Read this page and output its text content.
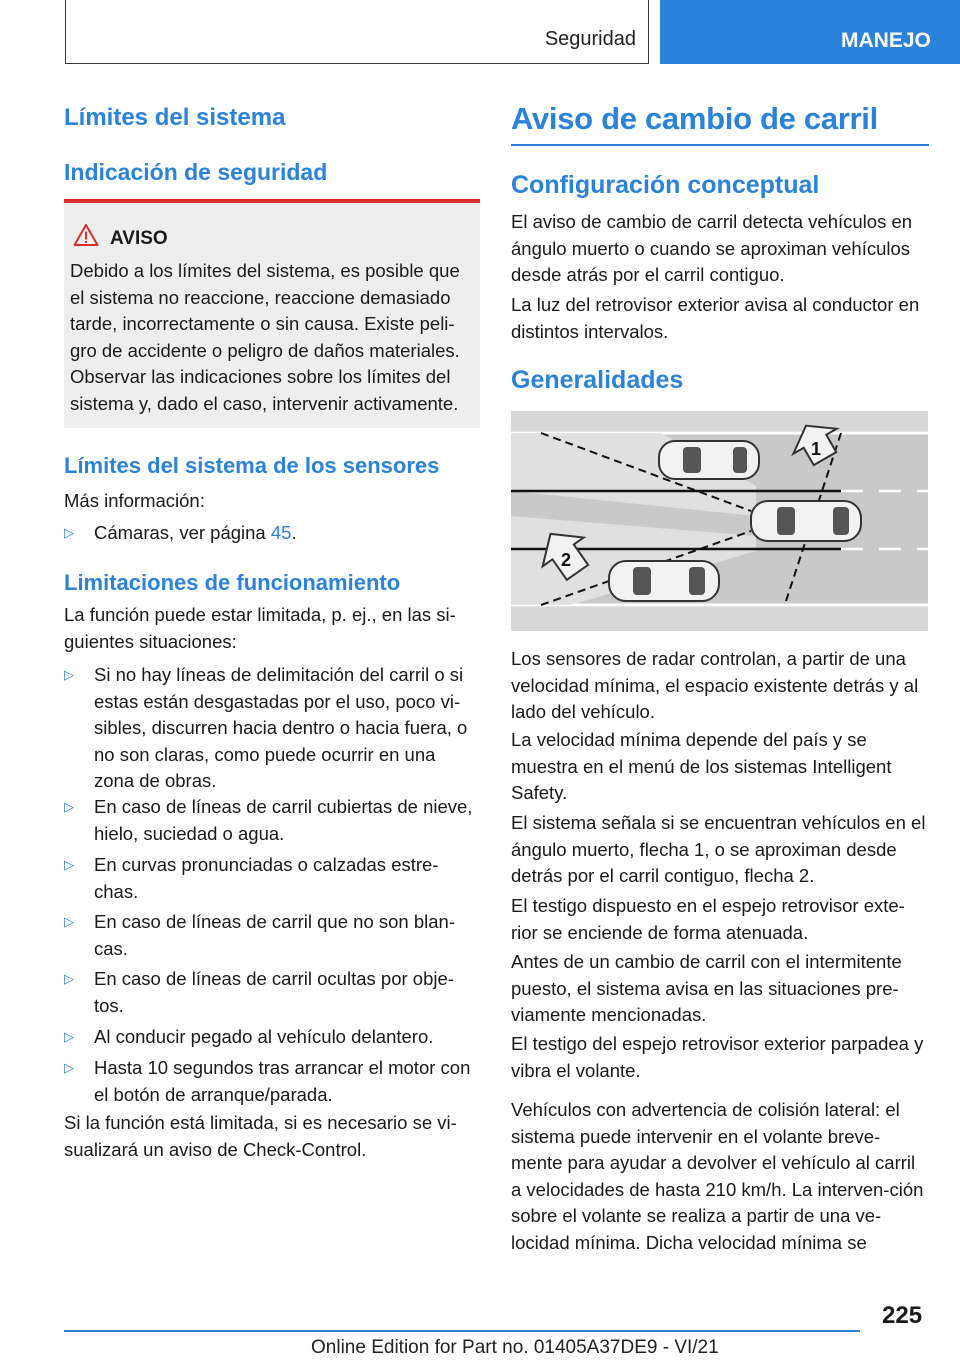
Seguridad	MANEJO
Límites del sistema
Indicación de seguridad
AVISO
Debido a los límites del sistema, es posible que el sistema no reaccione, reaccione demasiado tarde, incorrectamente o sin causa. Existe peli-gro de accidente o peligro de daños materiales. Observar las indicaciones sobre los límites del sistema y, dado el caso, intervenir activamente.
Límites del sistema de los sensores
Más información:
▷ Cámaras, ver página 45.
Limitaciones de funcionamiento
La función puede estar limitada, p. ej., en las si-guientes situaciones:
▷ Si no hay líneas de delimitación del carril o si estas están desgastadas por el uso, poco vi-sibles, discurren hacia dentro o hacia fuera, o no son claras, como puede ocurrir en una zona de obras.
▷ En caso de líneas de carril cubiertas de nieve, hielo, suciedad o agua.
▷ En curvas pronunciadas o calzadas estre-chas.
▷ En caso de líneas de carril que no son blan-cas.
▷ En caso de líneas de carril ocultas por obje-tos.
▷ Al conducir pegado al vehículo delantero.
▷ Hasta 10 segundos tras arrancar el motor con el botón de arranque/parada.
Si la función está limitada, si es necesario se vi-sualizará un aviso de Check-Control.
Aviso de cambio de carril
Configuración conceptual
El aviso de cambio de carril detecta vehículos en ángulo muerto o cuando se aproximan vehículos desde atrás por el carril contiguo.
La luz del retrovisor exterior avisa al conductor en distintos intervalos.
Generalidades
1
2
Los sensores de radar controlan, a partir de una velocidad mínima, el espacio existente detrás y al lado del vehículo.
La velocidad mínima depende del país y se muestra en el menú de los sistemas Intelligent Safety.
El sistema señala si se encuentran vehículos en el ángulo muerto, flecha 1, o se aproximan desde detrás por el carril contiguo, flecha 2.
El testigo dispuesto en el espejo retrovisor exte-rior se enciende de forma atenuada.
Antes de un cambio de carril con el intermitente puesto, el sistema avisa en las situaciones pre-viamente mencionadas.
El testigo del espejo retrovisor exterior parpadea y vibra el volante.
Vehículos con advertencia de colisión lateral: el sistema puede intervenir en el volante breve-mente para ayudar a devolver el vehículo al carril a velocidades de hasta 210 km/h. La interven-ción sobre el volante se realiza a partir de una ve-locidad mínima. Dicha velocidad mínima se
225
Online Edition for Part no. 01405A37DE9 - VI/21
